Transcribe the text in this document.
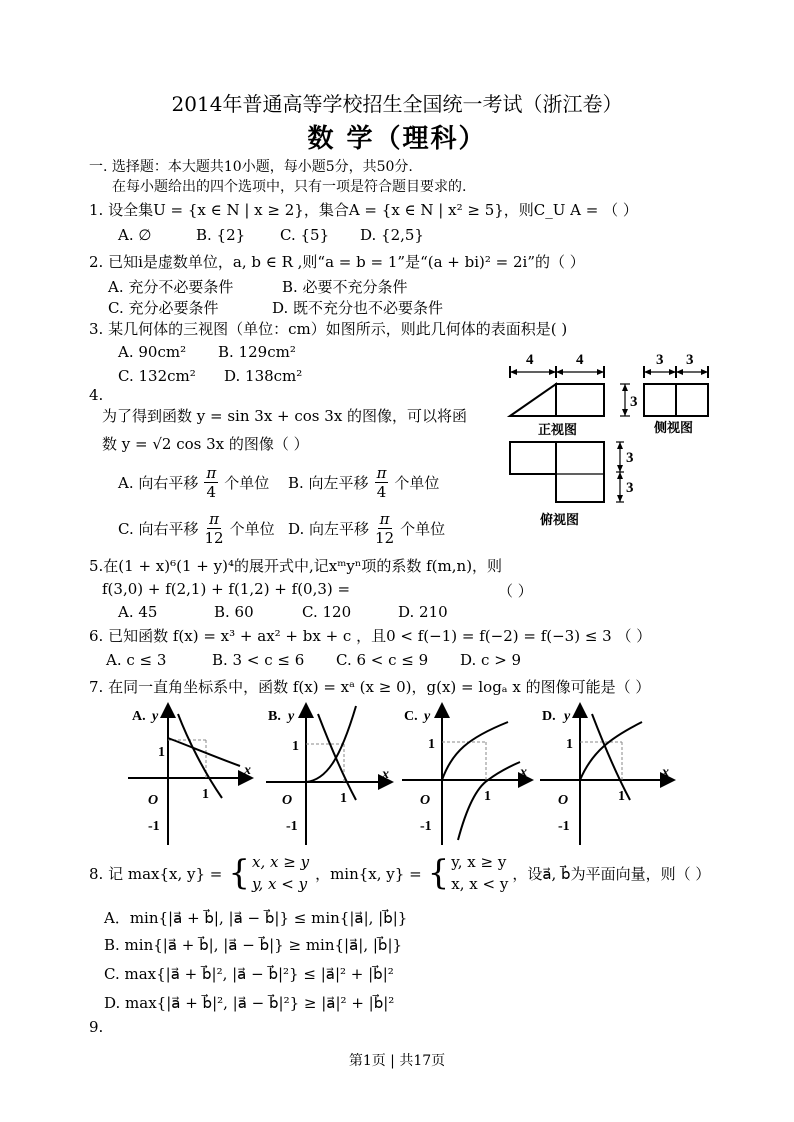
2014年普通高等学校招生全国统一考试（浙江卷）
数 学（理科）
一. 选择题：本大题共10小题，每小题5分，共50分.
在每小题给出的四个选项中，只有一项是符合题目要求的.
1. 设全集U = {x ∈ N | x ≥ 2}，集合A = {x ∈ N | x² ≥ 5}，则C_U A = （ ）
A. ∅	B. {2} C. {5} D. {2,5}
2. 已知i是虚数单位，a, b ∈ R ,则“a = b = 1”是“(a + bi)² = 2i”的（ ）
A. 充分不必要条件	B. 必要不充分条件
C. 充分必要条件	D. 既不充分也不必要条件
3. 某几何体的三视图（单位：cm）如图所示，则此几何体的表面积是( )
A. 90cm² B. 129cm²
C. 132cm² D. 138cm²
4	4
3
3 3
3
3
正视图	侧视图
俯视图
4.
为了得到函数 y = sin 3x + cos 3x 的图像，可以将函
数 y = √2 cos 3x 的图像（ ）
A. 向右平移
π
4 个单位 B. 向左平移
π
4 个单位
C. 向右平移
π
12 个单位 D. 向左平移
π
12 个单位
5.在(1 + x)⁶(1 + y)⁴的展开式中,记xᵐyⁿ项的系数 f(m,n)，则
f(3,0) + f(2,1) + f(1,2) + f(0,3) =	（ ）
A. 45	B. 60	C. 120	D. 210
6. 已知函数 f(x) = x³ + ax² + bx + c ，且0 < f(−1) = f(−2) = f(−3) ≤ 3 （ ）
A. c ≤ 3	B. 3 < c ≤ 6 C. 6 < c ≤ 9 D. c > 9
7. 在同一直角坐标系中，函数 f(x) = xᵃ (x ≥ 0)，g(x) = logₐ x 的图像可能是（ ）
A. y
x
O
1
1
-1
B. y
x
O
1
1
-1
C. y
x
O
1
1
-1
D. y
x
O
1
1
-1
8. 记 max{x, y} = { x, x ≥ y
y, x < y
，min{x, y} = { y, x ≥ y
x, x < y
，设a⃗, b⃗为平面向量，则（ ）
A．min{|a⃗ + b⃗|, |a⃗ − b⃗|} ≤ min{|a⃗|, |b⃗|}
B. min{|a⃗ + b⃗|, |a⃗ − b⃗|} ≥ min{|a⃗|, |b⃗|}
C. max{|a⃗ + b⃗|², |a⃗ − b⃗|²} ≤ |a⃗|² + |b⃗|²
D. max{|a⃗ + b⃗|², |a⃗ − b⃗|²} ≥ |a⃗|² + |b⃗|²
9.
第1页 | 共17页
